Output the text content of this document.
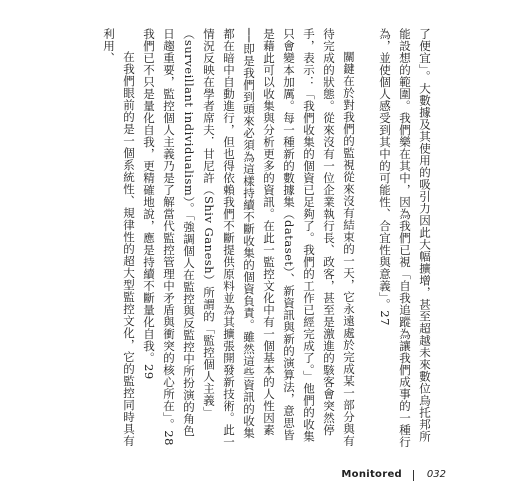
了便宜」。大數據及其使用的吸引力因此大幅擴增，甚至超越未來數位烏托邦所能設想的範圍。我們樂在其中，因為我們已視「自我追蹤為讓我們成事的一種行為，並使個人感受到其中的可能性、合宜性與意義」。27

關鍵在於對我們的監視從來沒有結束的一天，它永遠處於完成某一部分與有待完成的狀態。從來沒有一位企業執行長、政客，甚至是激進的駭客會突然停手，表示：「我們收集的個資已足夠了。我們的工作已經完成了。」他們的收集只會變本加厲。每一種新的數據集（dataset）、新資訊與新的演算法，意思皆是藉此可以收集與分析更多的資訊。在此一監控文化中有一個基本的人性因素──即是我們到頭來必須為這樣持續不斷收集的個資負責。雖然這些資訊的收集都在暗中自動進行，但也得依賴我們不斷提供原料並為其擴張開發新技術。此一情況反映在學者席夫．甘尼許（Shiv Ganesh）所謂的「監控個人主義」（surveillant individualism）。「強調個人在監控與反監控中所扮演的角色日趨重要，監控個人主義乃是了解當代監控管理中矛盾與衝突的核心所在」。28 我們已不只是量化自我，更精確地說，應是持續不斷量化自我。29

在我們眼前的是一個系統性、規律性的超大型監控文化，它的監控同時具有利用、

Monitored 032
